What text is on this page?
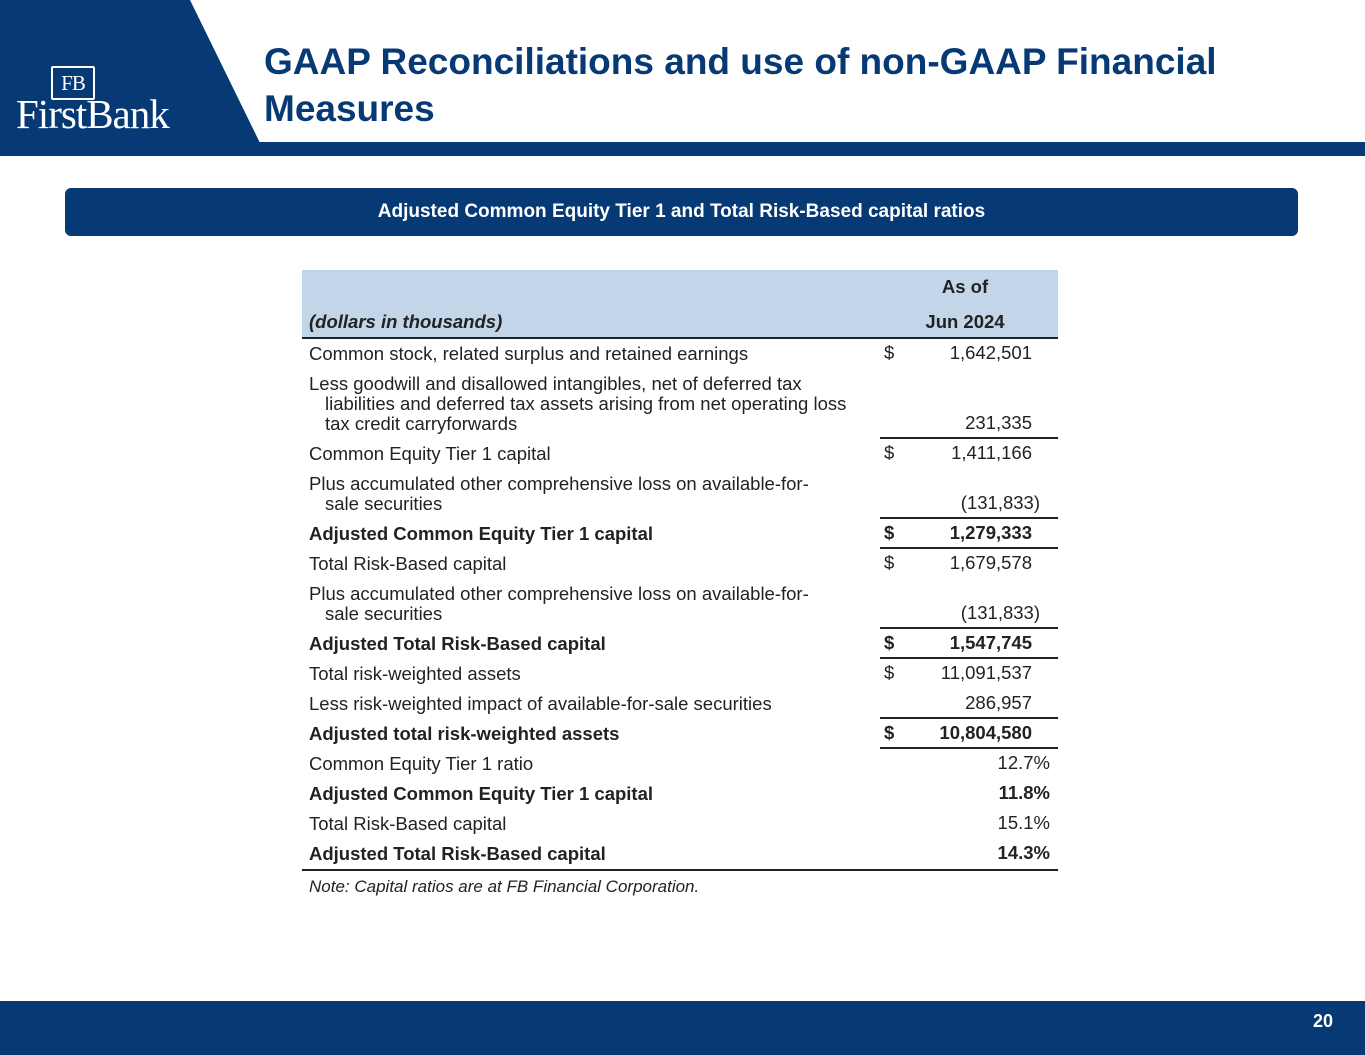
FB
FirstBank
GAAP Reconciliations and use of non-GAAP Financial Measures
Adjusted Common Equity Tier 1 and Total Risk-Based capital ratios
(dollars in thousands)
As of
Jun 2024
Common stock, related surplus and retained earnings	$	1,642,501
Less goodwill and disallowed intangibles, net of deferred tax
liabilities and deferred tax assets arising from net operating loss tax credit carryforwards	231,335
Common Equity Tier 1 capital	$	1,411,166
Plus accumulated other comprehensive loss on available-for-
sale securities	(131,833)
Adjusted Common Equity Tier 1 capital	$	1,279,333
Total Risk-Based capital	$	1,679,578
Plus accumulated other comprehensive loss on available-for-
sale securities	(131,833)
Adjusted Total Risk-Based capital	$	1,547,745
Total risk-weighted assets	$	11,091,537
Less risk-weighted impact of available-for-sale securities	286,957
Adjusted total risk-weighted assets	$ 10,804,580
Common Equity Tier 1 ratio	12.7%
Adjusted Common Equity Tier 1 capital	11.8%
Total Risk-Based capital	15.1%
Adjusted Total Risk-Based capital	14.3%
Note: Capital ratios are at FB Financial Corporation.
20
